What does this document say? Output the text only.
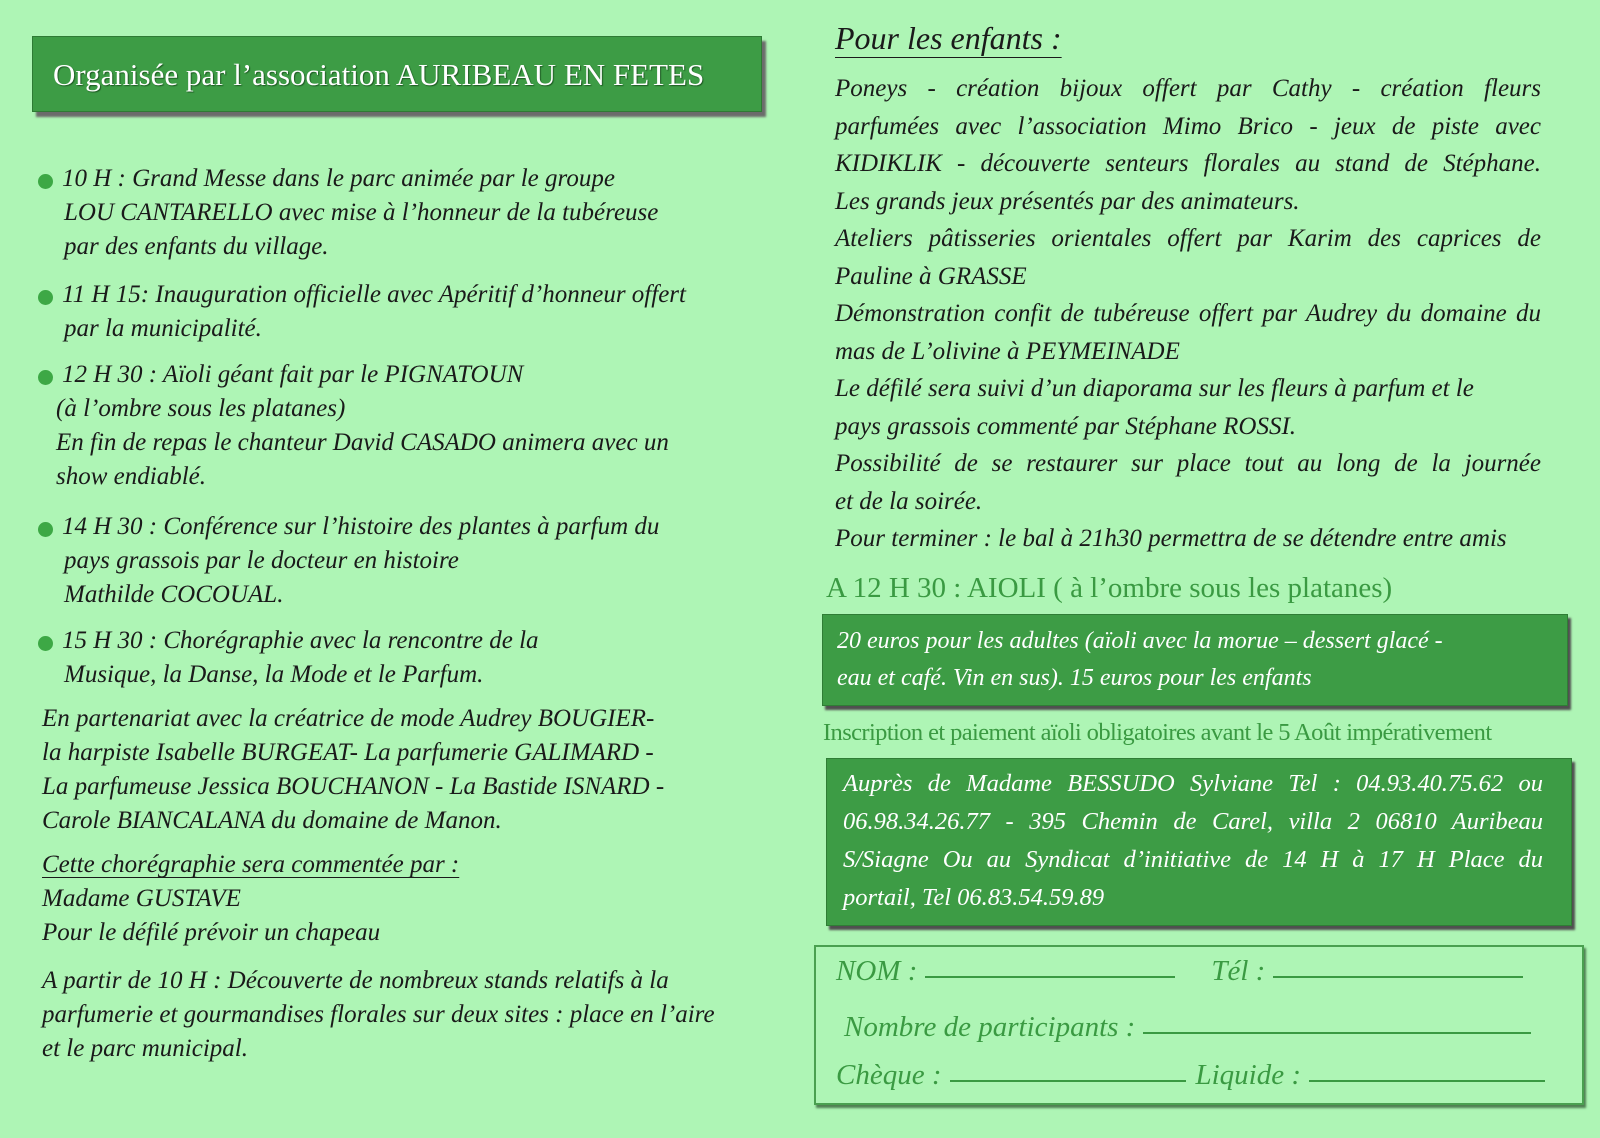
Organisée par l’association AURIBEAU EN FETES

10 H : Grand Messe dans le parc animée par le groupe

LOU CANTARELLO avec mise à l’honneur de la tubéreuse

par des enfants du village.

11 H 15: Inauguration officielle avec Apéritif d’honneur offert

par la municipalité.

12 H 30 : Aïoli géant fait par le PIGNATOUN

(à l’ombre sous les platanes)

En fin de repas le chanteur David CASADO animera avec un

show endiablé.

14 H 30 : Conférence sur l’histoire des plantes à parfum du

pays grassois par le docteur en histoire

Mathilde COCOUAL.

15 H 30 : Chorégraphie avec la rencontre de la

Musique, la Danse, la Mode et le Parfum.

En partenariat avec la créatrice de mode Audrey BOUGIER-

la harpiste Isabelle BURGEAT- La parfumerie GALIMARD -

La parfumeuse Jessica BOUCHANON - La Bastide ISNARD -

Carole BIANCALANA du domaine de Manon.

Cette chorégraphie sera commentée par :

Madame GUSTAVE

Pour le défilé prévoir un chapeau

A partir de 10 H : Découverte de nombreux stands relatifs à la

parfumerie et gourmandises florales sur deux sites : place en l’aire

et le parc municipal.

Pour les enfants :
Poneys - création bijoux offert par Cathy - création fleurs
parfumées avec l’association Mimo Brico - jeux de piste avec
KIDIKLIK - découverte senteurs florales au stand de Stéphane.
Les grands jeux présentés par des animateurs.
Ateliers pâtisseries orientales offert par Karim des caprices de
Pauline à GRASSE
Démonstration confit de tubéreuse offert par Audrey du domaine du
mas de L’olivine à PEYMEINADE
Le défilé sera suivi d’un diaporama sur les fleurs à parfum et le
pays grassois commenté par Stéphane ROSSI.
Possibilité de se restaurer sur place tout au long de la journée
et de la soirée.
Pour terminer : le bal à 21h30 permettra de se détendre entre amis
A 12 H 30 : AIOLI ( à l’ombre sous les platanes)
20 euros pour les adultes (aïoli avec la morue – dessert glacé -
eau et café. Vin en sus). 15 euros pour les enfants
Inscription et paiement aïoli obligatoires avant le 5 Août impérativement
Auprès de Madame BESSUDO Sylviane Tel : 04.93.40.75.62 ou
06.98.34.26.77 - 395 Chemin de Carel, villa 2 06810 Auribeau
S/Siagne Ou au Syndicat d’initiative de 14 H à 17 H Place du
portail, Tel 06.83.54.59.89
NOM :	Tél :
Nombre de participants :
Chèque :	Liquide :
